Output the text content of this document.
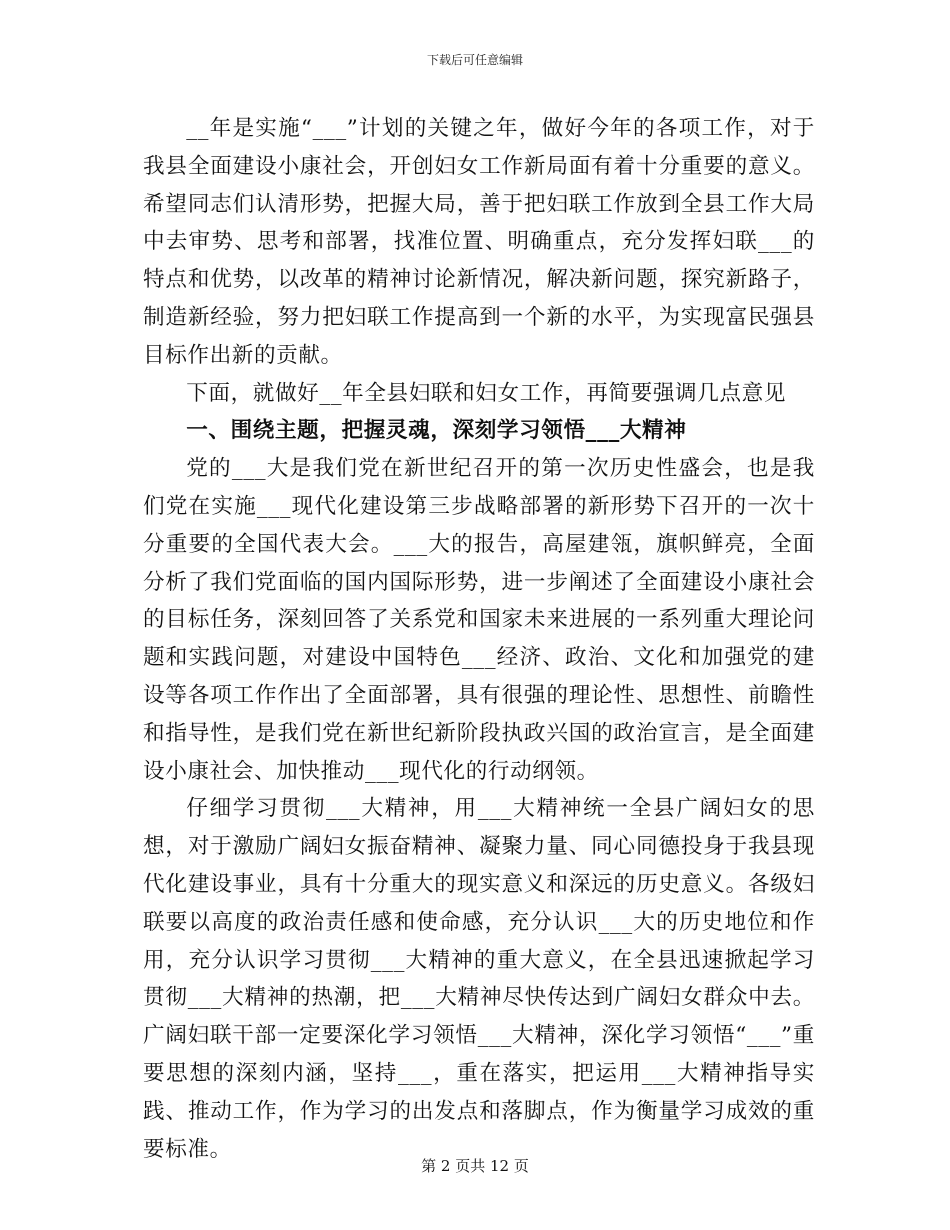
下载后可任意编辑

__年是实施“___”计划的关键之年，做好今年的各项工作，对于我县全面建设小康社会，开创妇女工作新局面有着十分重要的意义。希望同志们认清形势，把握大局，善于把妇联工作放到全县工作大局中去审势、思考和部署，找准位置、明确重点，充分发挥妇联___的特点和优势，以改革的精神讨论新情况，解决新问题，探究新路子，制造新经验，努力把妇联工作提高到一个新的水平，为实现富民强县目标作出新的贡献。

下面，就做好__年全县妇联和妇女工作，再简要强调几点意见

一、围绕主题，把握灵魂，深刻学习领悟___大精神

党的___大是我们党在新世纪召开的第一次历史性盛会，也是我们党在实施___现代化建设第三步战略部署的新形势下召开的一次十分重要的全国代表大会。___大的报告，高屋建瓴，旗帜鲜亮，全面分析了我们党面临的国内国际形势，进一步阐述了全面建设小康社会的目标任务，深刻回答了关系党和国家未来进展的一系列重大理论问题和实践问题，对建设中国特色___经济、政治、文化和加强党的建设等各项工作作出了全面部署，具有很强的理论性、思想性、前瞻性和指导性，是我们党在新世纪新阶段执政兴国的政治宣言，是全面建设小康社会、加快推动___现代化的行动纲领。

仔细学习贯彻___大精神，用___大精神统一全县广阔妇女的思想，对于激励广阔妇女振奋精神、凝聚力量、同心同德投身于我县现代化建设事业，具有十分重大的现实意义和深远的历史意义。各级妇联要以高度的政治责任感和使命感，充分认识___大的历史地位和作用，充分认识学习贯彻___大精神的重大意义，在全县迅速掀起学习贯彻___大精神的热潮，把___大精神尽快传达到广阔妇女群众中去。广阔妇联干部一定要深化学习领悟___大精神，深化学习领悟“___”重要思想的深刻内涵，坚持___，重在落实，把运用___大精神指导实践、推动工作，作为学习的出发点和落脚点，作为衡量学习成效的重要标准。

第 2 页共 12 页
